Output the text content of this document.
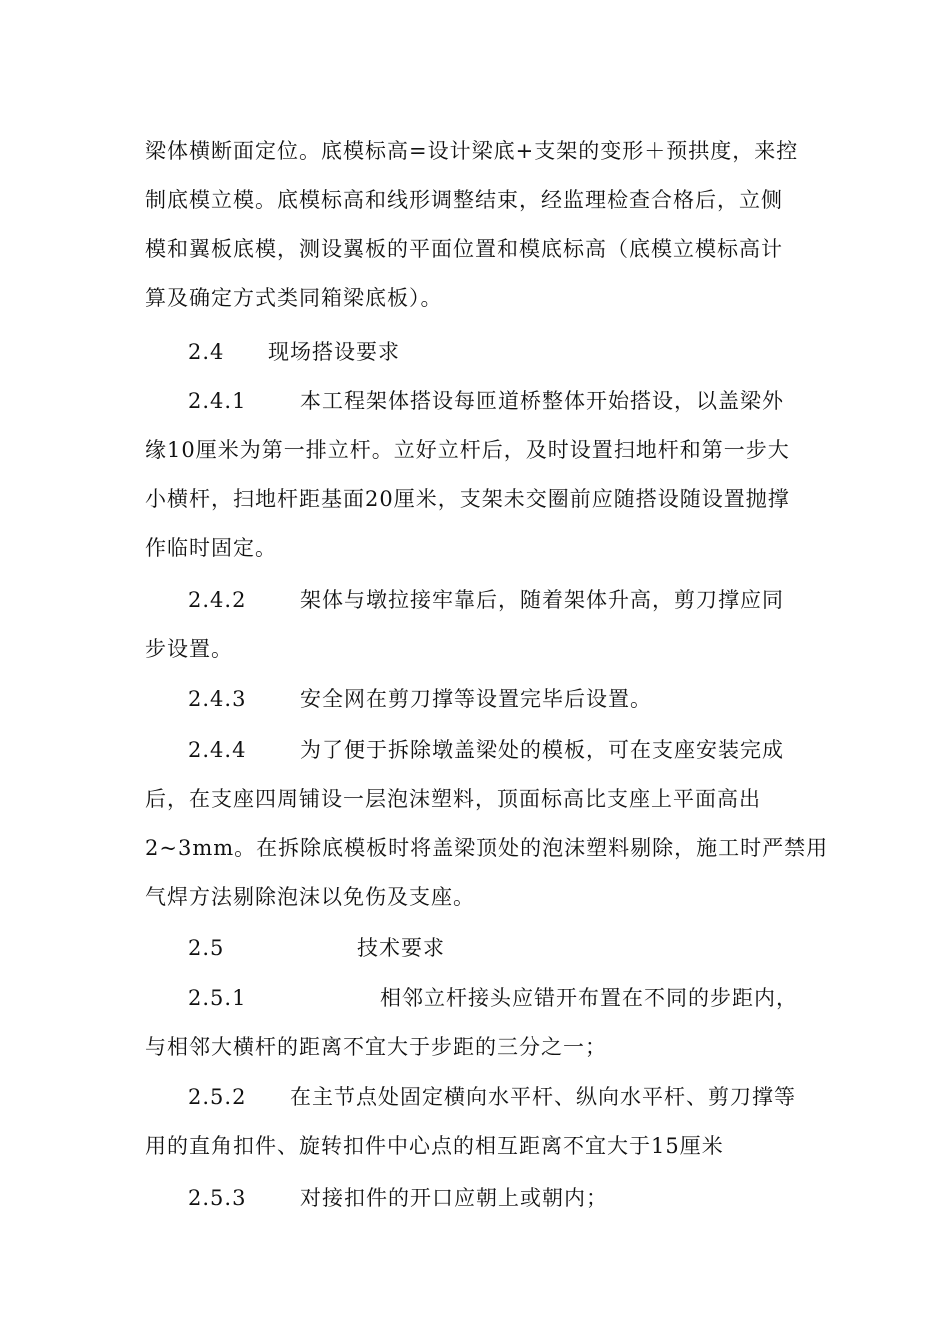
梁体横断面定位。底模标高=设计梁底+支架的变形＋预拱度，来控
制底模立模。底模标高和线形调整结束，经监理检查合格后，立侧
模和翼板底模，测设翼板的平面位置和模底标高（底模立模标高计
算及确定方式类同箱梁底板）。
2.4 现场搭设要求
2.4.1	本工程架体搭设每匝道桥整体开始搭设，以盖梁外
缘10厘米为第一排立杆。立好立杆后，及时设置扫地杆和第一步大
小横杆，扫地杆距基面20厘米，支架未交圈前应随搭设随设置抛撑
作临时固定。
2.4.2	架体与墩拉接牢靠后，随着架体升高，剪刀撑应同
步设置。
2.4.3	安全网在剪刀撑等设置完毕后设置。
2.4.4	为了便于拆除墩盖梁处的模板，可在支座安装完成
后，在支座四周铺设一层泡沫塑料，顶面标高比支座上平面高出
2~3mm。在拆除底模板时将盖梁顶处的泡沫塑料剔除，施工时严禁用
气焊方法剔除泡沫以免伤及支座。
2.5	技术要求
2.5.1	相邻立杆接头应错开布置在不同的步距内，
与相邻大横杆的距离不宜大于步距的三分之一；
2.5.2 在主节点处固定横向水平杆、纵向水平杆、剪刀撑等
用的直角扣件、旋转扣件中心点的相互距离不宜大于15厘米
2.5.3	对接扣件的开口应朝上或朝内；
